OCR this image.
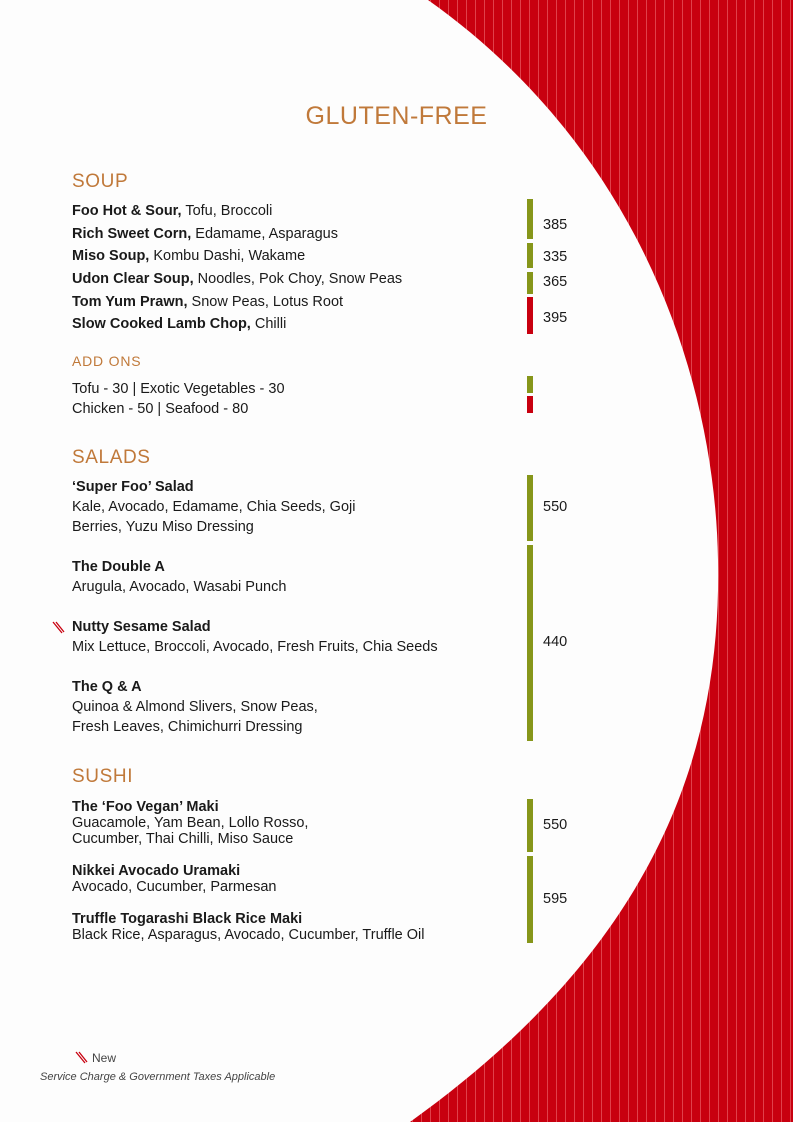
GLUTEN-FREE
SOUP
Foo Hot & Sour, Tofu, Broccoli
Rich Sweet Corn, Edamame, Asparagus
Miso Soup, Kombu Dashi, Wakame
Udon Clear Soup, Noodles, Pok Choy, Snow Peas
Tom Yum Prawn, Snow Peas, Lotus Root
Slow Cooked Lamb Chop, Chilli
385
335
365
395
ADD ONS
Tofu - 30 | Exotic Vegetables - 30
Chicken - 50 | Seafood - 80
SALADS
‘Super Foo’ Salad
Kale, Avocado, Edamame, Chia Seeds, Goji
Berries, Yuzu Miso Dressing
The Double A
Arugula, Avocado, Wasabi Punch
Nutty Sesame Salad
Mix Lettuce, Broccoli, Avocado, Fresh Fruits, Chia Seeds
The Q & A
Quinoa & Almond Slivers, Snow Peas,
Fresh Leaves, Chimichurri Dressing
550
440
SUSHI
The ‘Foo Vegan’ Maki
Guacamole, Yam Bean, Lollo Rosso,
Cucumber, Thai Chilli, Miso Sauce
Nikkei Avocado Uramaki
Avocado, Cucumber, Parmesan
Truffle Togarashi Black Rice Maki
Black Rice, Asparagus, Avocado, Cucumber, Truffle Oil
550
595
New
Service Charge & Government Taxes Applicable
